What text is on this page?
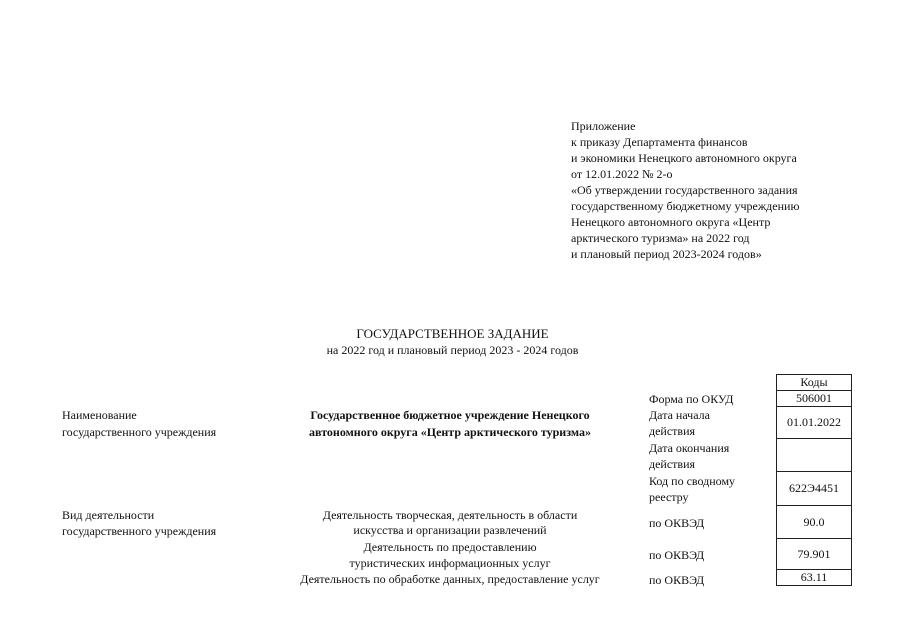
Приложение
к приказу Департамента финансов
и экономики Ненецкого автономного округа
от 12.01.2022 № 2-о
«Об утверждении государственного задания
государственному бюджетному учреждению
Ненецкого автономного округа «Центр
арктического туризма» на 2022 год
и плановый период 2023-2024 годов»
ГОСУДАРСТВЕННОЕ ЗАДАНИЕ
на 2022 год и плановый период 2023 - 2024 годов
Наименование
государственного учреждения
Вид деятельности
государственного учреждения
Государственное бюджетное учреждение Ненецкого
автономного округа «Центр арктического туризма»
Деятельность творческая, деятельность в области
искусства и организации развлечений
Деятельность по предоставлению
туристических информационных услуг
Деятельность по обработке данных, предоставление услуг
Форма по ОКУД
Дата начала
действия
Дата окончания
действия
Код по сводному
реестру
по ОКВЭД
по ОКВЭД
по ОКВЭД
Коды
506001
01.01.2022
622Э4451
90.0
79.901
63.11
